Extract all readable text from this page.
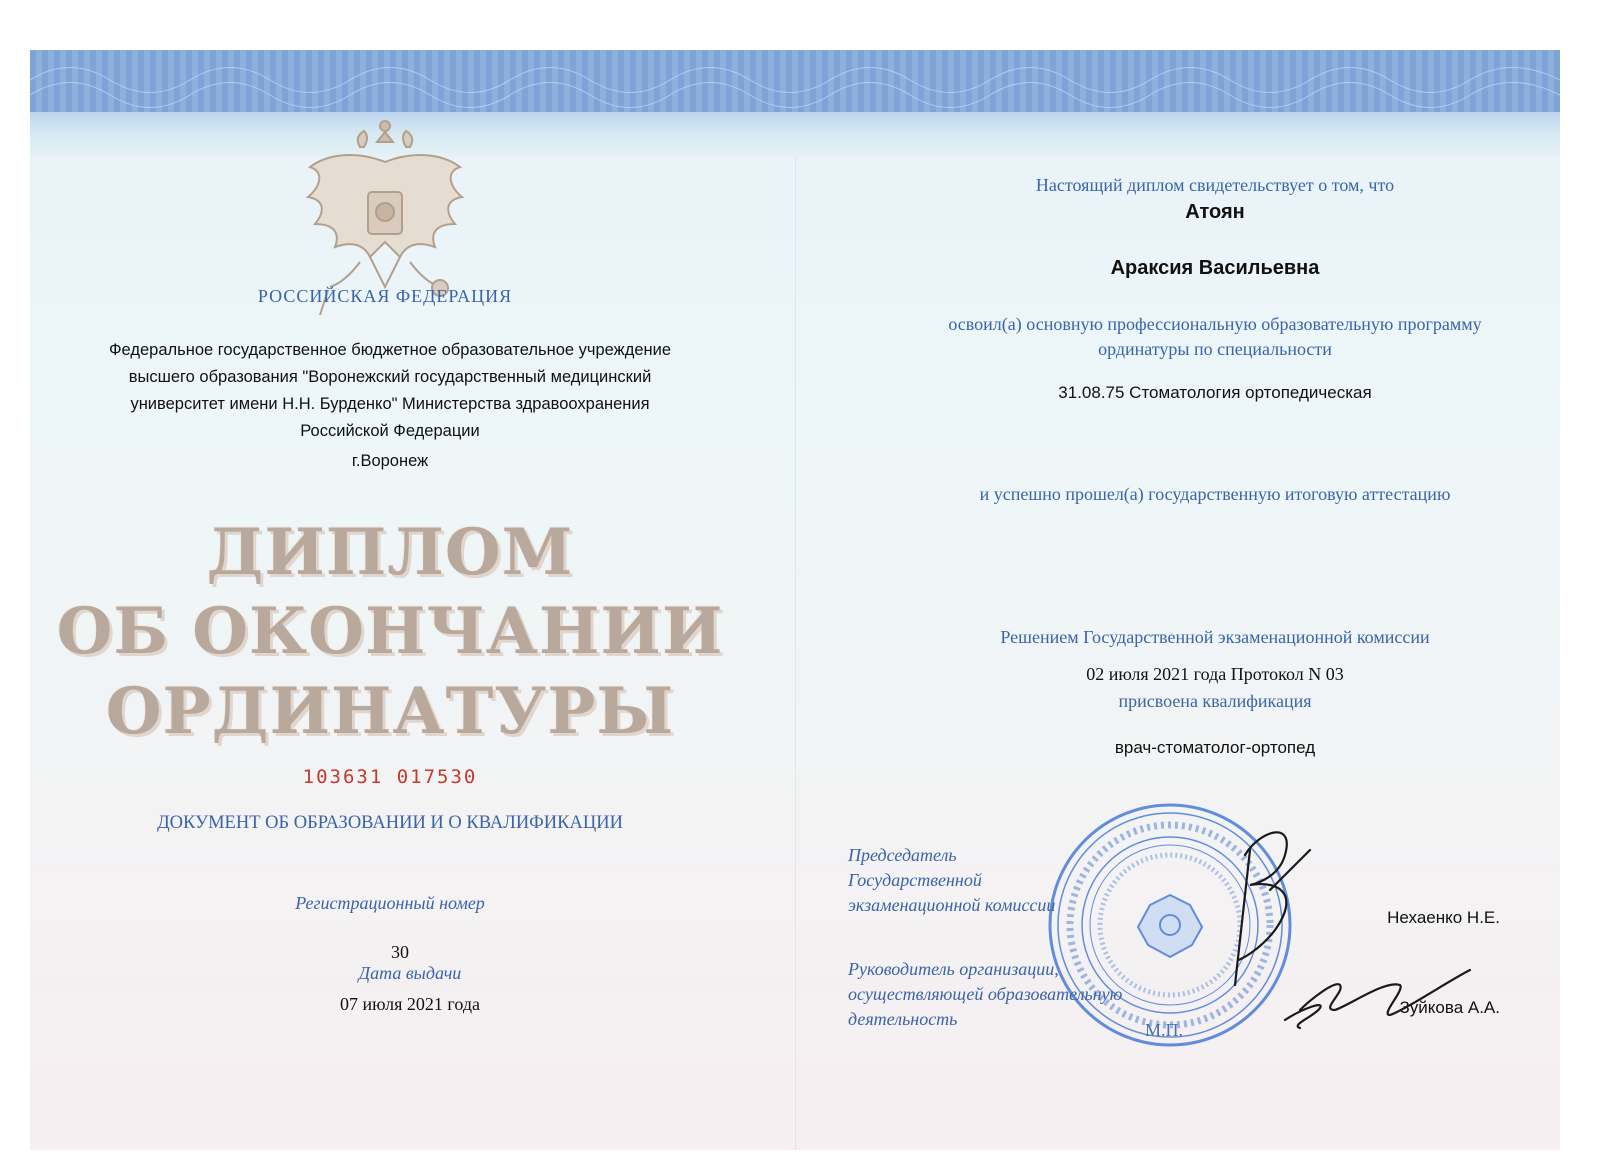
РОССИЙСКАЯ ФЕДЕРАЦИЯ
Федеральное государственное бюджетное образовательное учреждение
высшего образования "Воронежский государственный медицинский
университет имени Н.Н. Бурденко" Министерства здравоохранения
Российской Федерации
г.Воронеж
ДИПЛОМ
ОБ ОКОНЧАНИИ
ОРДИНАТУРЫ
103631 017530
ДОКУМЕНТ ОБ ОБРАЗОВАНИИ И О КВАЛИФИКАЦИИ
Регистрационный номер
30
Дата выдачи
07 июля 2021 года
Настоящий диплом свидетельствует о том, что
Атоян
Араксия Васильевна
освоил(а) основную профессиональную образовательную программу
ординатуры по специальности
31.08.75 Стоматология ортопедическая
и успешно прошел(а) государственную итоговую аттестацию
Решением Государственной экзаменационной комиссии
02 июля 2021 года Протокол N 03
присвоена квалификация
врач-стоматолог-ортопед
Председатель
Государственной
экзаменационной комиссии
Нехаенко Н.Е.
Руководитель организации,
осуществляющей образовательную
деятельность
Зуйкова А.А.
М.П.
